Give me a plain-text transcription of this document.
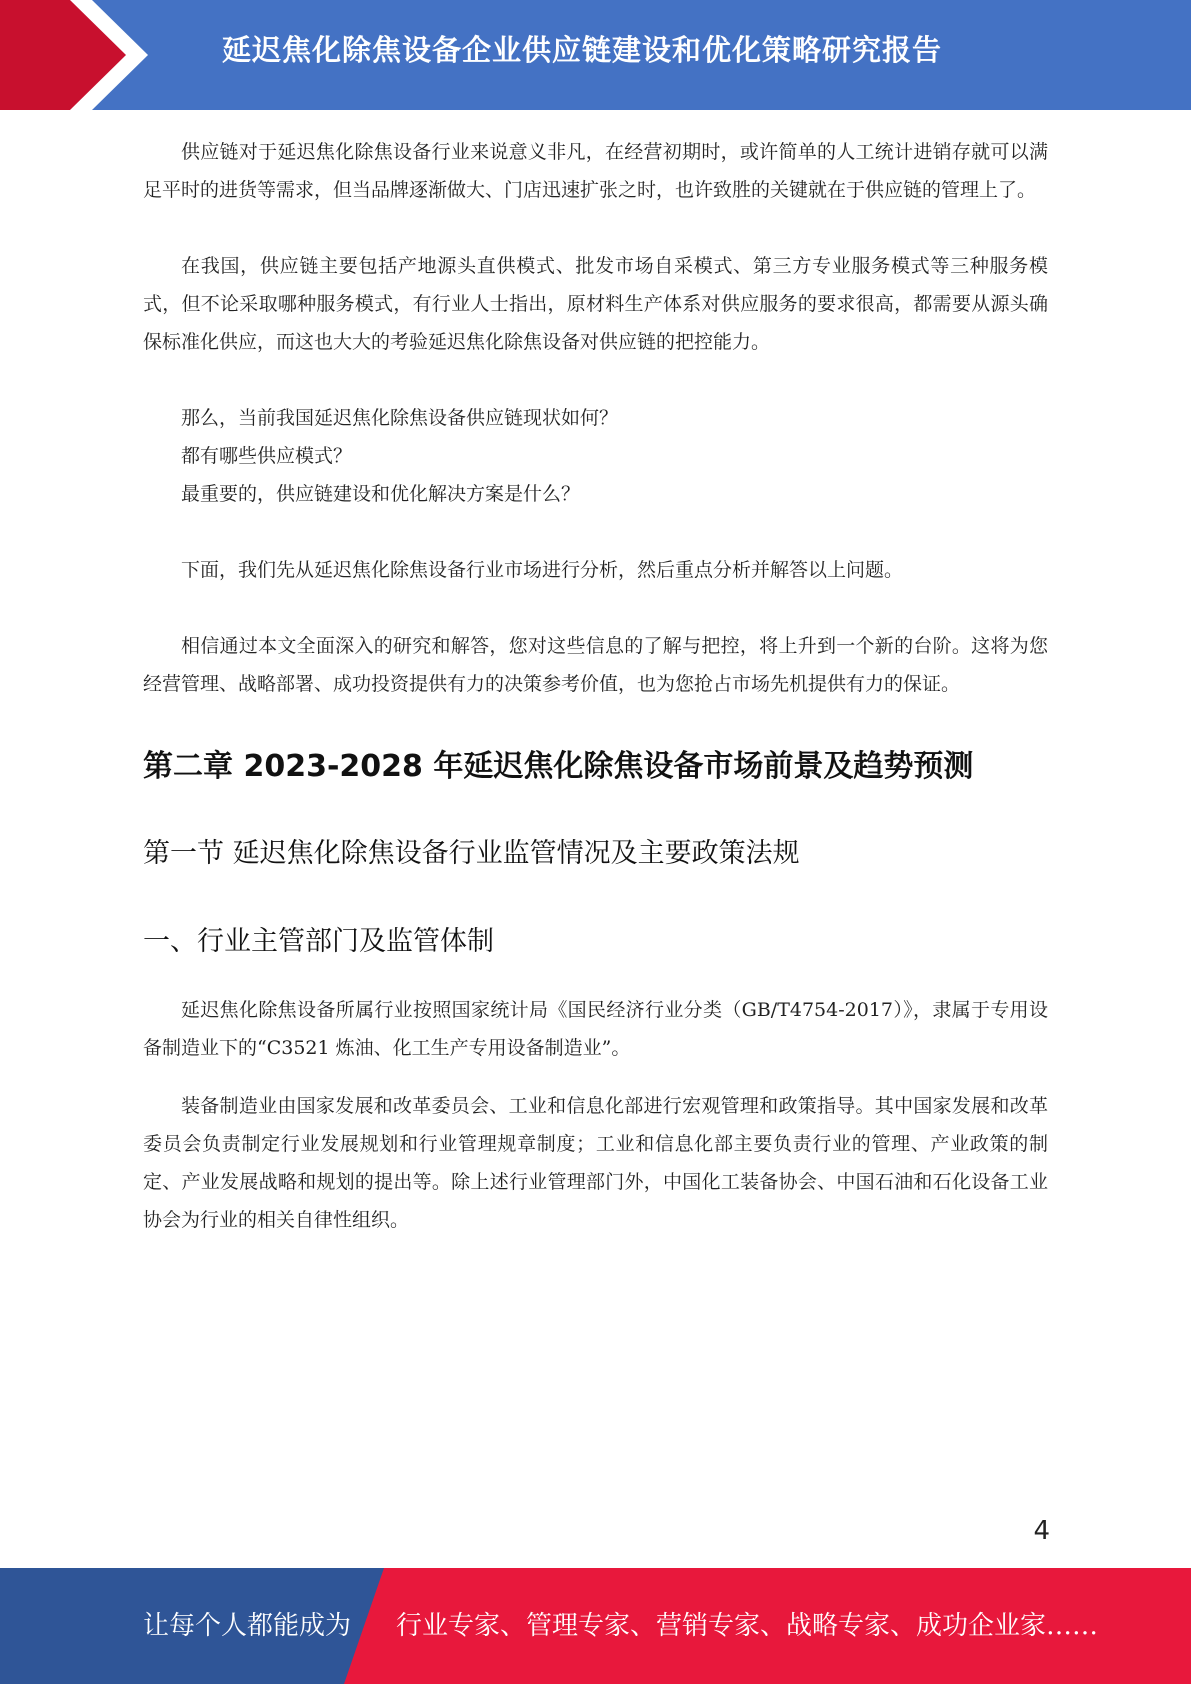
延迟焦化除焦设备企业供应链建设和优化策略研究报告

供应链对于延迟焦化除焦设备行业来说意义非凡，在经营初期时，或许简单的人工统计进销存就可以满足平时的进货等需求，但当品牌逐渐做大、门店迅速扩张之时，也许致胜的关键就在于供应链的管理上了。

在我国，供应链主要包括产地源头直供模式、批发市场自采模式、第三方专业服务模式等三种服务模式，但不论采取哪种服务模式，有行业人士指出，原材料生产体系对供应服务的要求很高，都需要从源头确保标准化供应，而这也大大的考验延迟焦化除焦设备对供应链的把控能力。

那么，当前我国延迟焦化除焦设备供应链现状如何？

都有哪些供应模式？

最重要的，供应链建设和优化解决方案是什么？

下面，我们先从延迟焦化除焦设备行业市场进行分析，然后重点分析并解答以上问题。

相信通过本文全面深入的研究和解答，您对这些信息的了解与把控，将上升到一个新的台阶。这将为您经营管理、战略部署、成功投资提供有力的决策参考价值，也为您抢占市场先机提供有力的保证。

第二章 2023-2028 年延迟焦化除焦设备市场前景及趋势预测
第一节 延迟焦化除焦设备行业监管情况及主要政策法规
一、行业主管部门及监管体制

延迟焦化除焦设备所属行业按照国家统计局《国民经济行业分类（GB/T4754-2017）》，隶属于专用设备制造业下的“C3521 炼油、化工生产专用设备制造业”。

装备制造业由国家发展和改革委员会、工业和信息化部进行宏观管理和政策指导。其中国家发展和改革委员会负责制定行业发展规划和行业管理规章制度；工业和信息化部主要负责行业的管理、产业政策的制定、产业发展战略和规划的提出等。除上述行业管理部门外，中国化工装备协会、中国石油和石化设备工业协会为行业的相关自律性组织。

4
让每个人都能成为 行业专家、管理专家、营销专家、战略专家、成功企业家……
